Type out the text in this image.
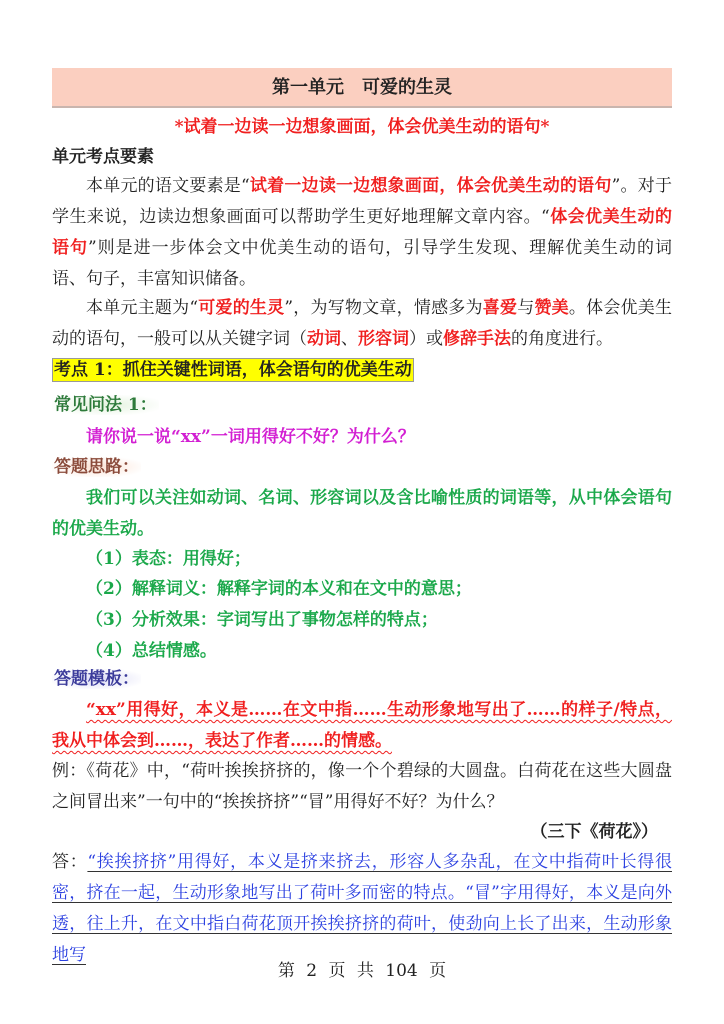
第一单元　可爱的生灵
*试着一边读一边想象画面，体会优美生动的语句*
单元考点要素
本单元的语文要素是“试着一边读一边想象画面，体会优美生动的语句”。对于学生来说，边读边想象画面可以帮助学生更好地理解文章内容。“体会优美生动的语句”则是进一步体会文中优美生动的语句，引导学生发现、理解优美生动的词语、句子，丰富知识储备。
本单元主题为“可爱的生灵”，为写物文章，情感多为喜爱与赞美。体会优美生动的语句，一般可以从关键字词（动词、形容词）或修辞手法的角度进行。
考点 1：抓住关键性词语，体会语句的优美生动
常见问法 1：
请你说一说“xx”一词用得好不好？为什么？
答题思路：
我们可以关注如动词、名词、形容词以及含比喻性质的词语等，从中体会语句的优美生动。
（1）表态：用得好；
（2）解释词义：解释字词的本义和在文中的意思；
（3）分析效果：字词写出了事物怎样的特点；
（4）总结情感。
答题模板：
“xx”用得好，本义是……在文中指……生动形象地写出了……的样子/特点，我从中体会到……，表达了作者……的情感。
例：《荷花》中，“荷叶挨挨挤挤的，像一个个碧绿的大圆盘。白荷花在这些大圆盘之间冒出来”一句中的“挨挨挤挤”“冒”用得好不好？为什么？
（三下《荷花》）
答：“挨挨挤挤”用得好，本义是挤来挤去，形容人多杂乱，在文中指荷叶长得很密，挤在一起，生动形象地写出了荷叶多而密的特点。“冒”字用得好，本义是向外透，往上升，在文中指白荷花顶开挨挨挤挤的荷叶，使劲向上长了出来，生动形象地写
第 2 页 共 104 页
